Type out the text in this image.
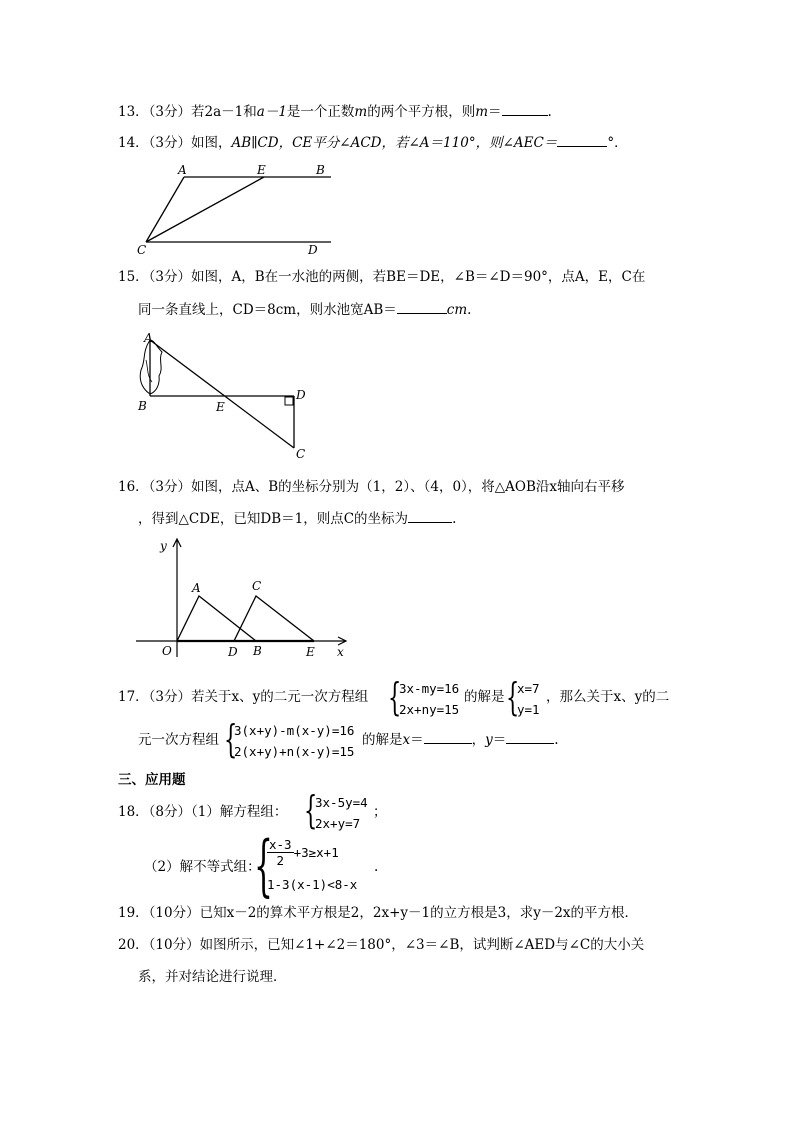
13．（3分）若2a－1和a－1是一个正数m的两个平方根，则m＝	.
14．（3分）如图，AB∥CD，CE平分∠ACD，若∠A＝110°，则∠AEC＝	°．
A	E	B
C	D
15．（3分）如图，A，B在一水池的两侧，若BE＝DE，∠B＝∠D＝90°，点A，E，C在
同一条直线上，CD＝8cm，则水池宽AB＝	cm.
A
B	E
D
C
16．（3分）如图，点A、B的坐标分别为（1，2）、（4，0），将△AOB沿x轴向右平移
，得到△CDE，已知DB＝1，则点C的坐标为	.
y
A	C
O	D B	E x
17．（3分）若关于x、y的二元一次方程组 {
3x-my=16
2x+ny=15
的解是 {
x=7
y=1
，那么关于x、y的二
元一次方程组 {
3(x+y)-m(x-y)=16
2(x+y)+n(x-y)=15
的解是x＝	，y＝	.
三、应用题
18．（8分）（1）解方程组： {
3x-5y=4
2x+y=7
；
（2）解不等式组：
{
$\frac{x-3}{2} +3\ge x+1$
1-3(x-1)<8-x
.
19．（10分）已知x－2的算术平方根是2，2x+y－1的立方根是3，求y－2x的平方根．
20．（10分）如图所示，已知∠1+∠2＝180°，∠3＝∠B，试判断∠AED与∠C的大小关
系，并对结论进行说理．
